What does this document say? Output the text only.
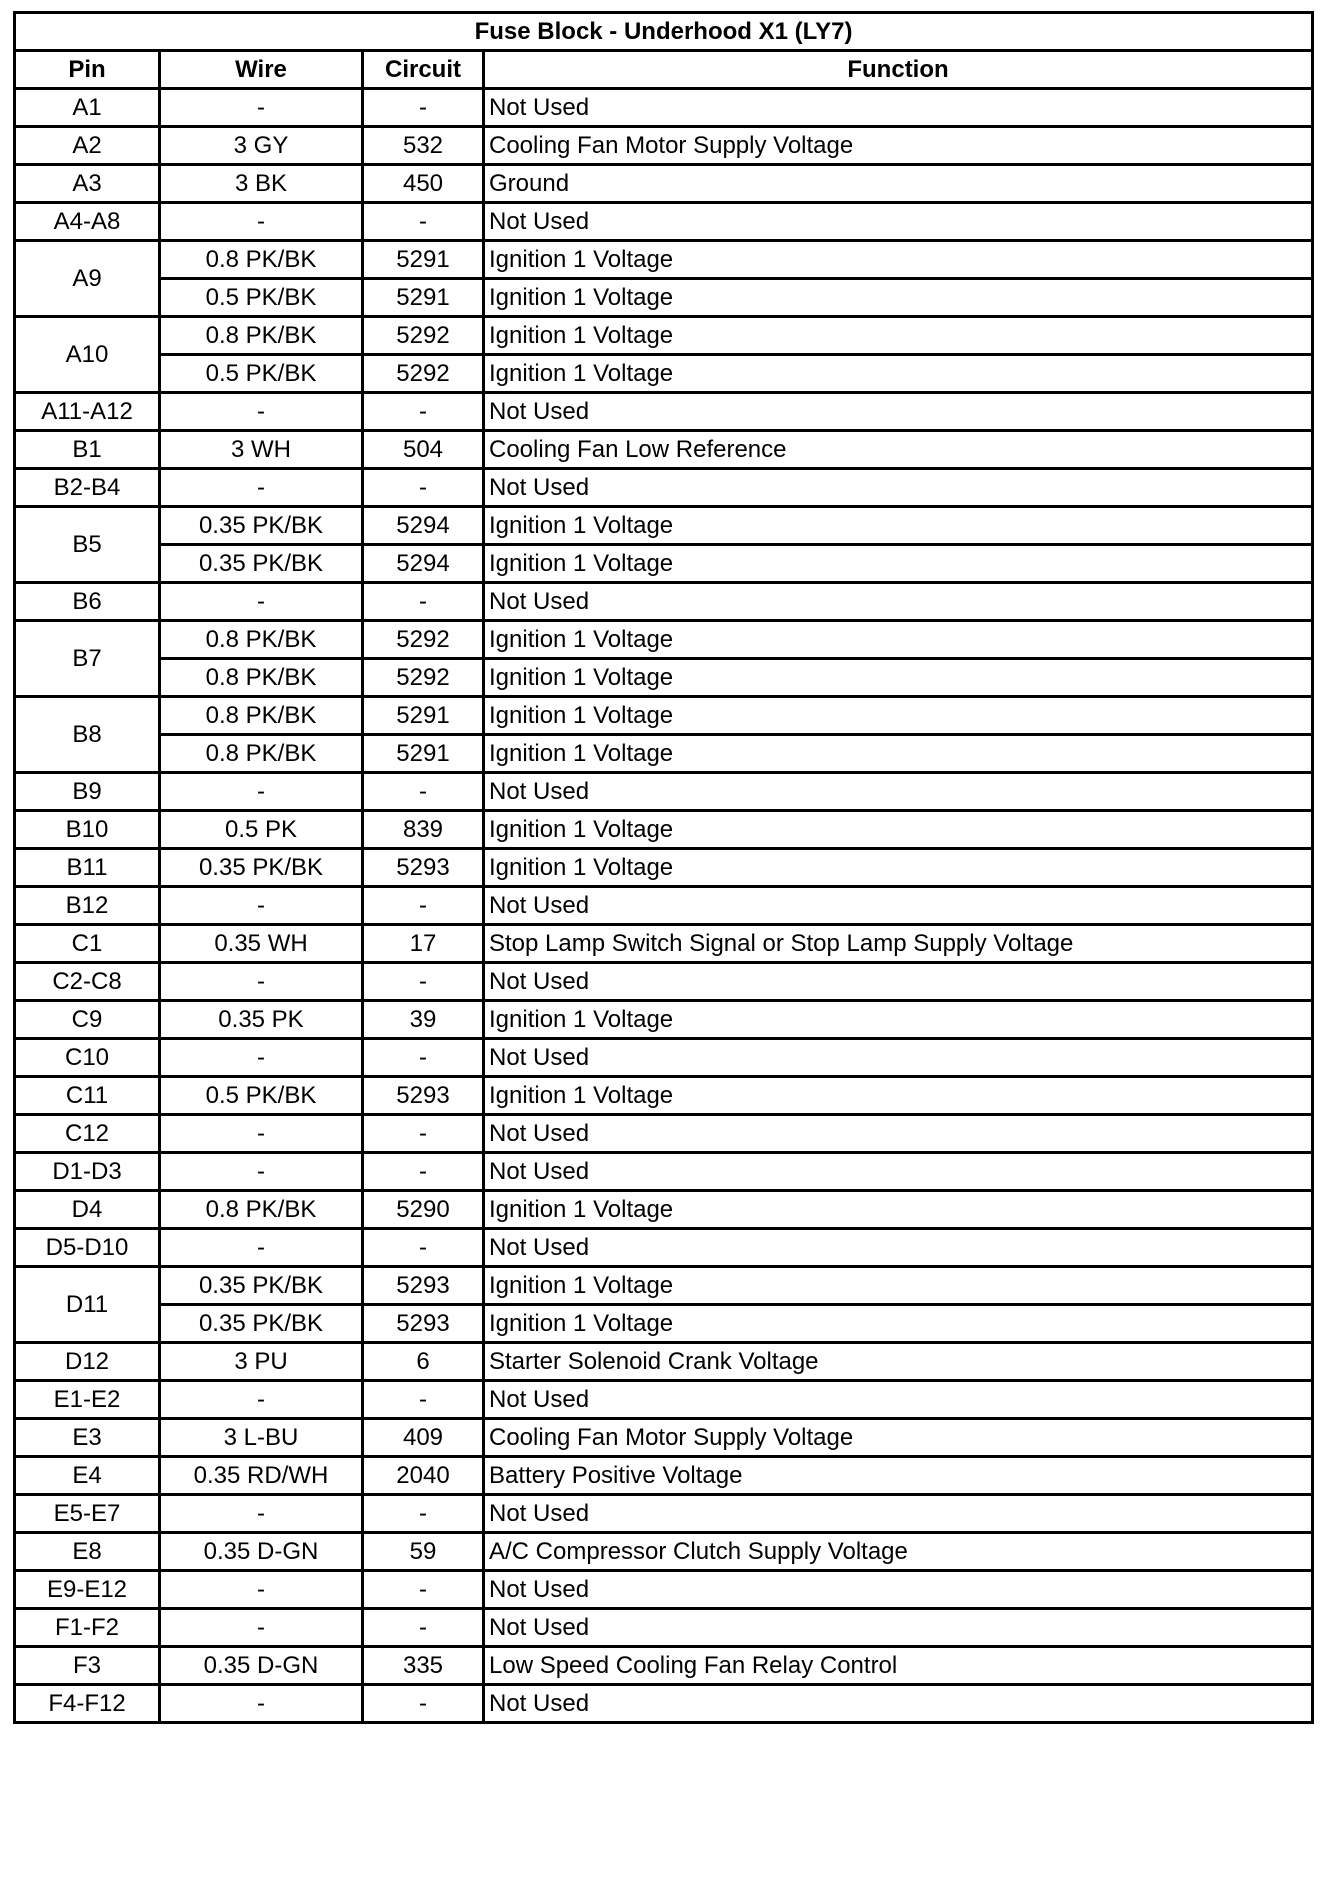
Fuse Block - Underhood X1 (LY7)			
Pin	Wire	Circuit	Function
A1	-	-	Not Used
A2	3 GY	532	Cooling Fan Motor Supply Voltage
A3	3 BK	450	Ground
A4-A8	-	-	Not Used
A9	0.8 PK/BK	5291	Ignition 1 Voltage
	0.5 PK/BK	5291	Ignition 1 Voltage
A10	0.8 PK/BK	5292	Ignition 1 Voltage
	0.5 PK/BK	5292	Ignition 1 Voltage
A11-A12	-	-	Not Used
B1	3 WH	504	Cooling Fan Low Reference
B2-B4	-	-	Not Used
B5	0.35 PK/BK	5294	Ignition 1 Voltage
	0.35 PK/BK	5294	Ignition 1 Voltage
B6	-	-	Not Used
B7	0.8 PK/BK	5292	Ignition 1 Voltage
	0.8 PK/BK	5292	Ignition 1 Voltage
B8	0.8 PK/BK	5291	Ignition 1 Voltage
	0.8 PK/BK	5291	Ignition 1 Voltage
B9	-	-	Not Used
B10	0.5 PK	839	Ignition 1 Voltage
B11	0.35 PK/BK	5293	Ignition 1 Voltage
B12	-	-	Not Used
C1	0.35 WH	17	Stop Lamp Switch Signal or Stop Lamp Supply Voltage
C2-C8	-	-	Not Used
C9	0.35 PK	39	Ignition 1 Voltage
C10	-	-	Not Used
C11	0.5 PK/BK	5293	Ignition 1 Voltage
C12	-	-	Not Used
D1-D3	-	-	Not Used
D4	0.8 PK/BK	5290	Ignition 1 Voltage
D5-D10	-	-	Not Used
D11	0.35 PK/BK	5293	Ignition 1 Voltage
	0.35 PK/BK	5293	Ignition 1 Voltage
D12	3 PU	6	Starter Solenoid Crank Voltage
E1-E2	-	-	Not Used
E3	3 L-BU	409	Cooling Fan Motor Supply Voltage
E4	0.35 RD/WH	2040	Battery Positive Voltage
E5-E7	-	-	Not Used
E8	0.35 D-GN	59	A/C Compressor Clutch Supply Voltage
E9-E12	-	-	Not Used
F1-F2	-	-	Not Used
F3	0.35 D-GN	335	Low Speed Cooling Fan Relay Control
F4-F12	-	-	Not Used
